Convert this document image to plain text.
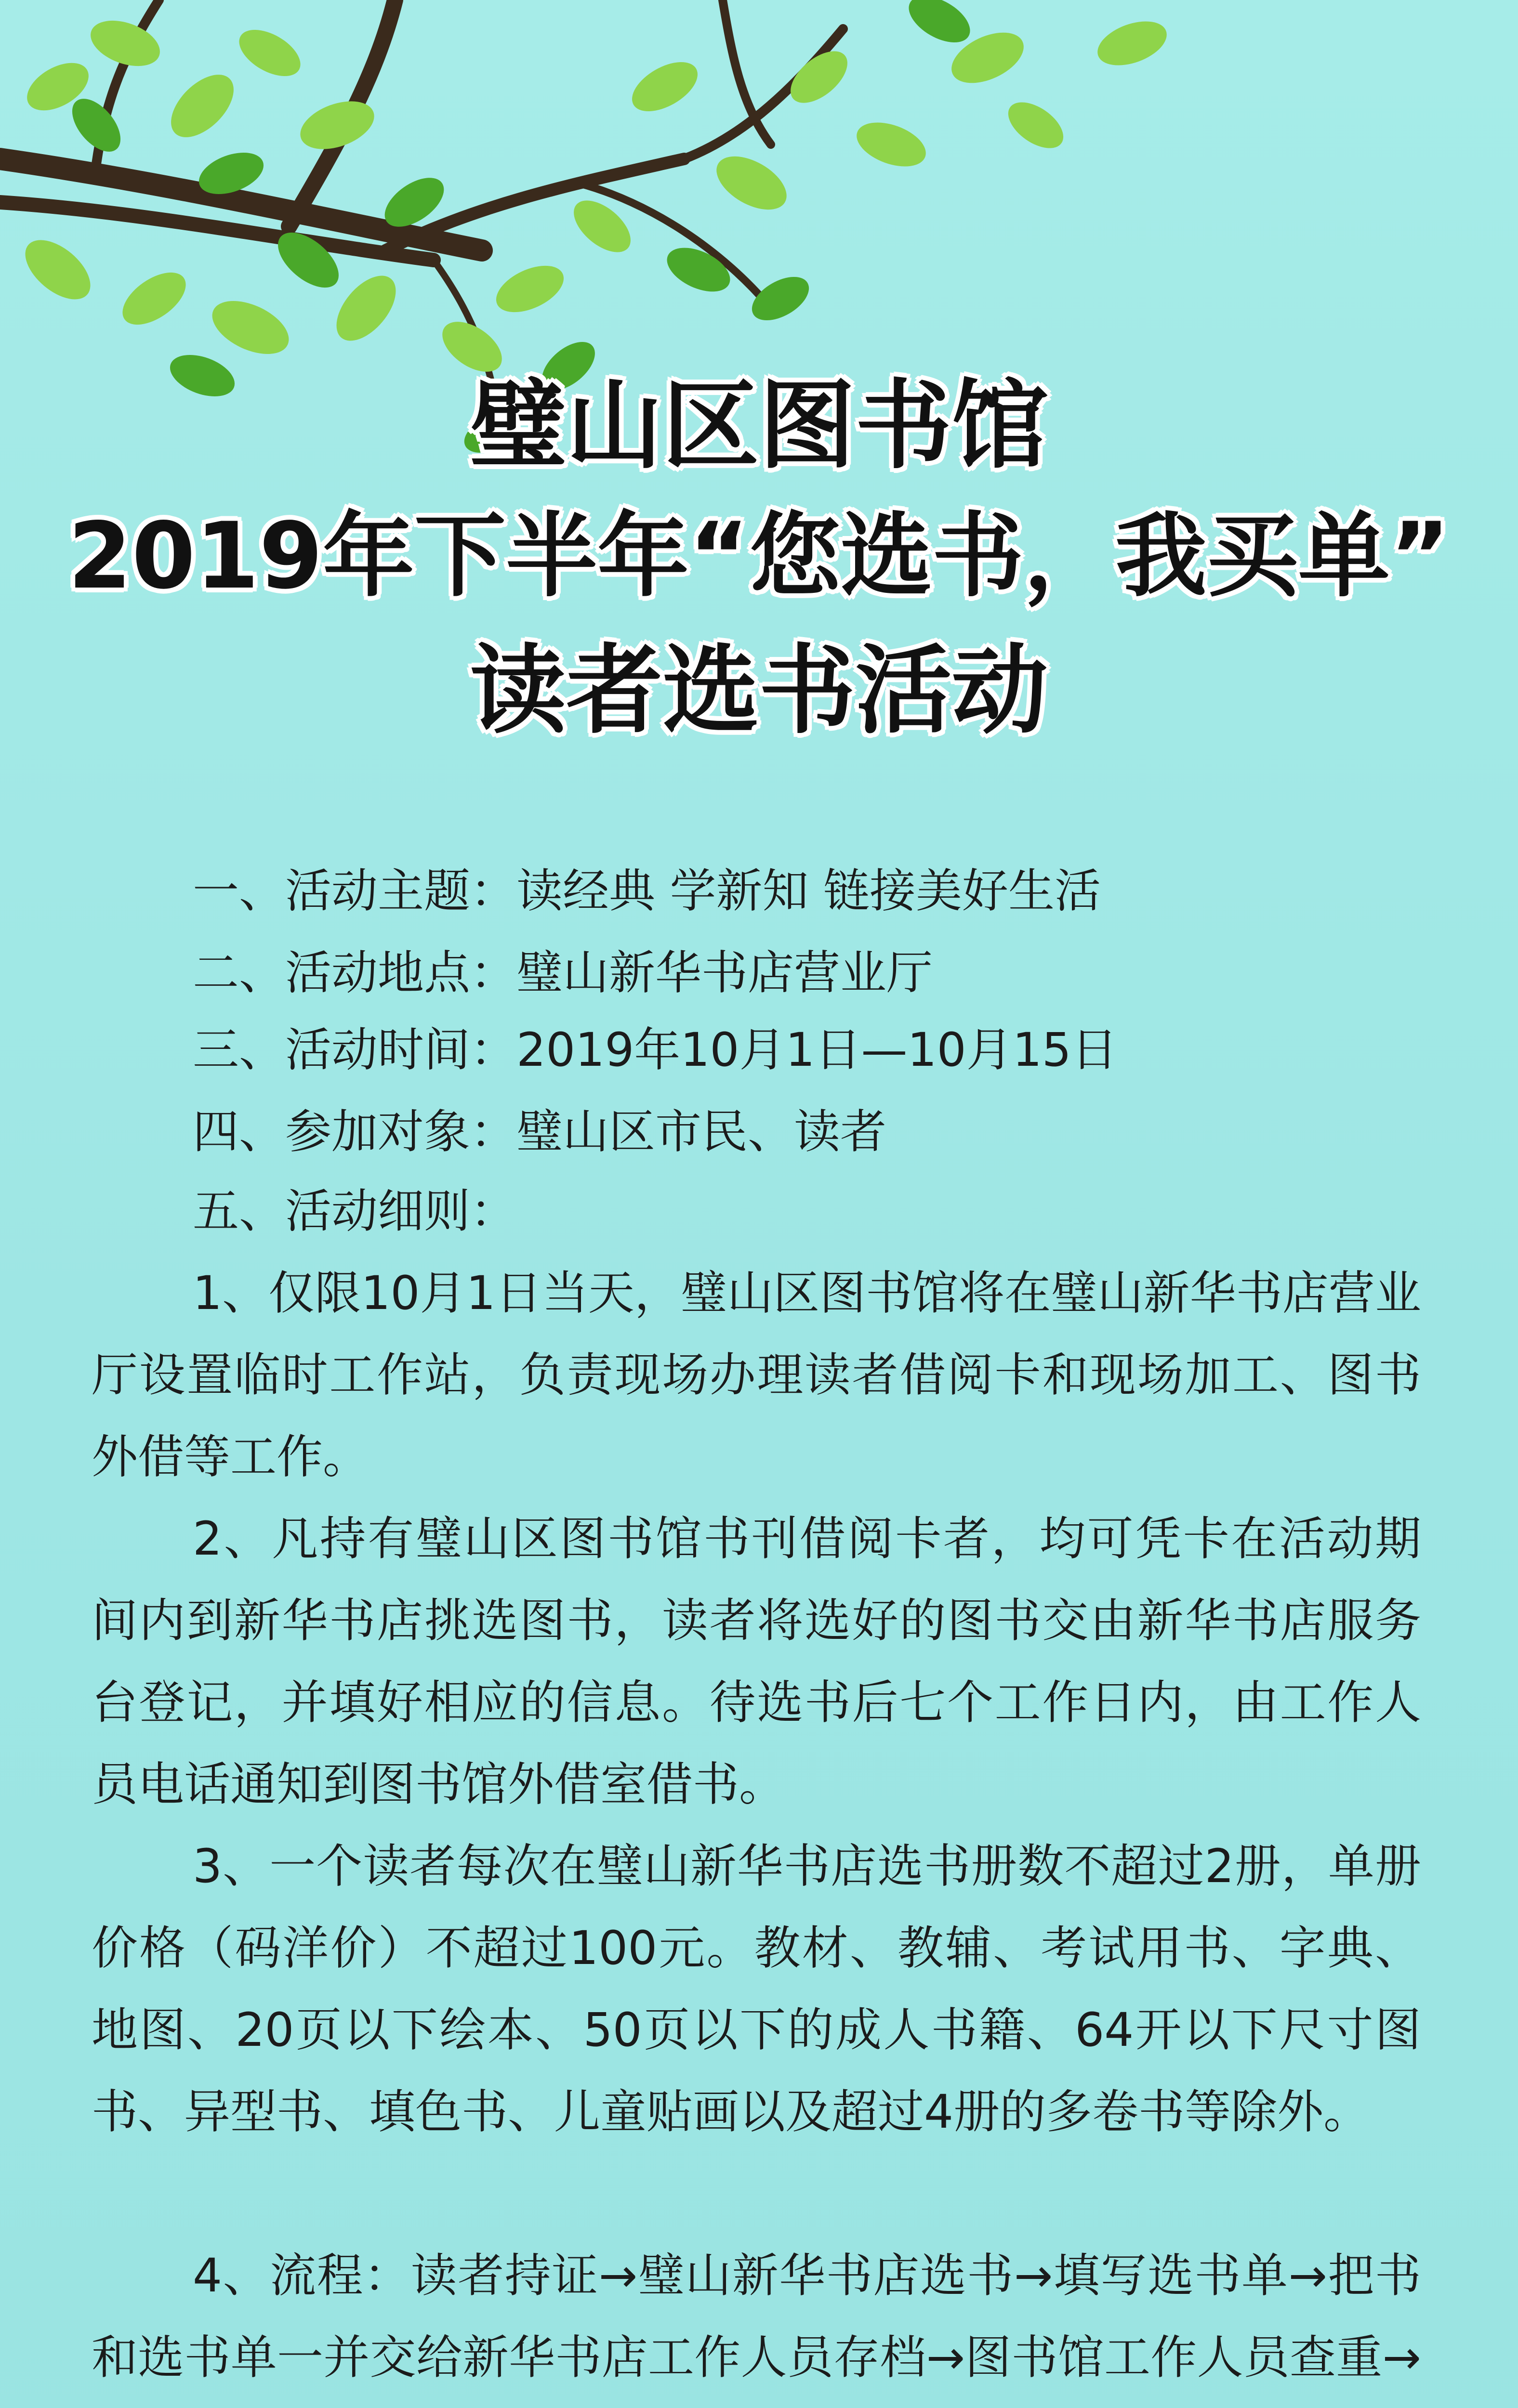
璧山区图书馆
2019年下半年“您选书，我买单”
读者选书活动
一、活动主题：读经典 学新知 链接美好生活
二、活动地点：璧山新华书店营业厅
三、活动时间：2019年10月1日—10月15日
四、参加对象：璧山区市民、读者
五、活动细则：
1、仅限10月1日当天，璧山区图书馆将在璧山新华书店营业厅设置临时工作站，负责现场办理读者借阅卡和现场加工、图书外借等工作。
2、凡持有璧山区图书馆书刊借阅卡者，均可凭卡在活动期间内到新华书店挑选图书，读者将选好的图书交由新华书店服务台登记，并填好相应的信息。待选书后七个工作日内，由工作人员电话通知到图书馆外借室借书。
3、一个读者每次在璧山新华书店选书册数不超过2册，单册价格（码洋价）不超过100元。教材、教辅、考试用书、字典、地图、20页以下绘本、50页以下的成人书籍、64开以下尺寸图书、异型书、填色书、儿童贴画以及超过4册的多卷书等除外。
4、流程：读者持证→璧山新华书店选书→填写选书单→把书和选书单一并交给新华书店工作人员存档→图书馆工作人员查重→
